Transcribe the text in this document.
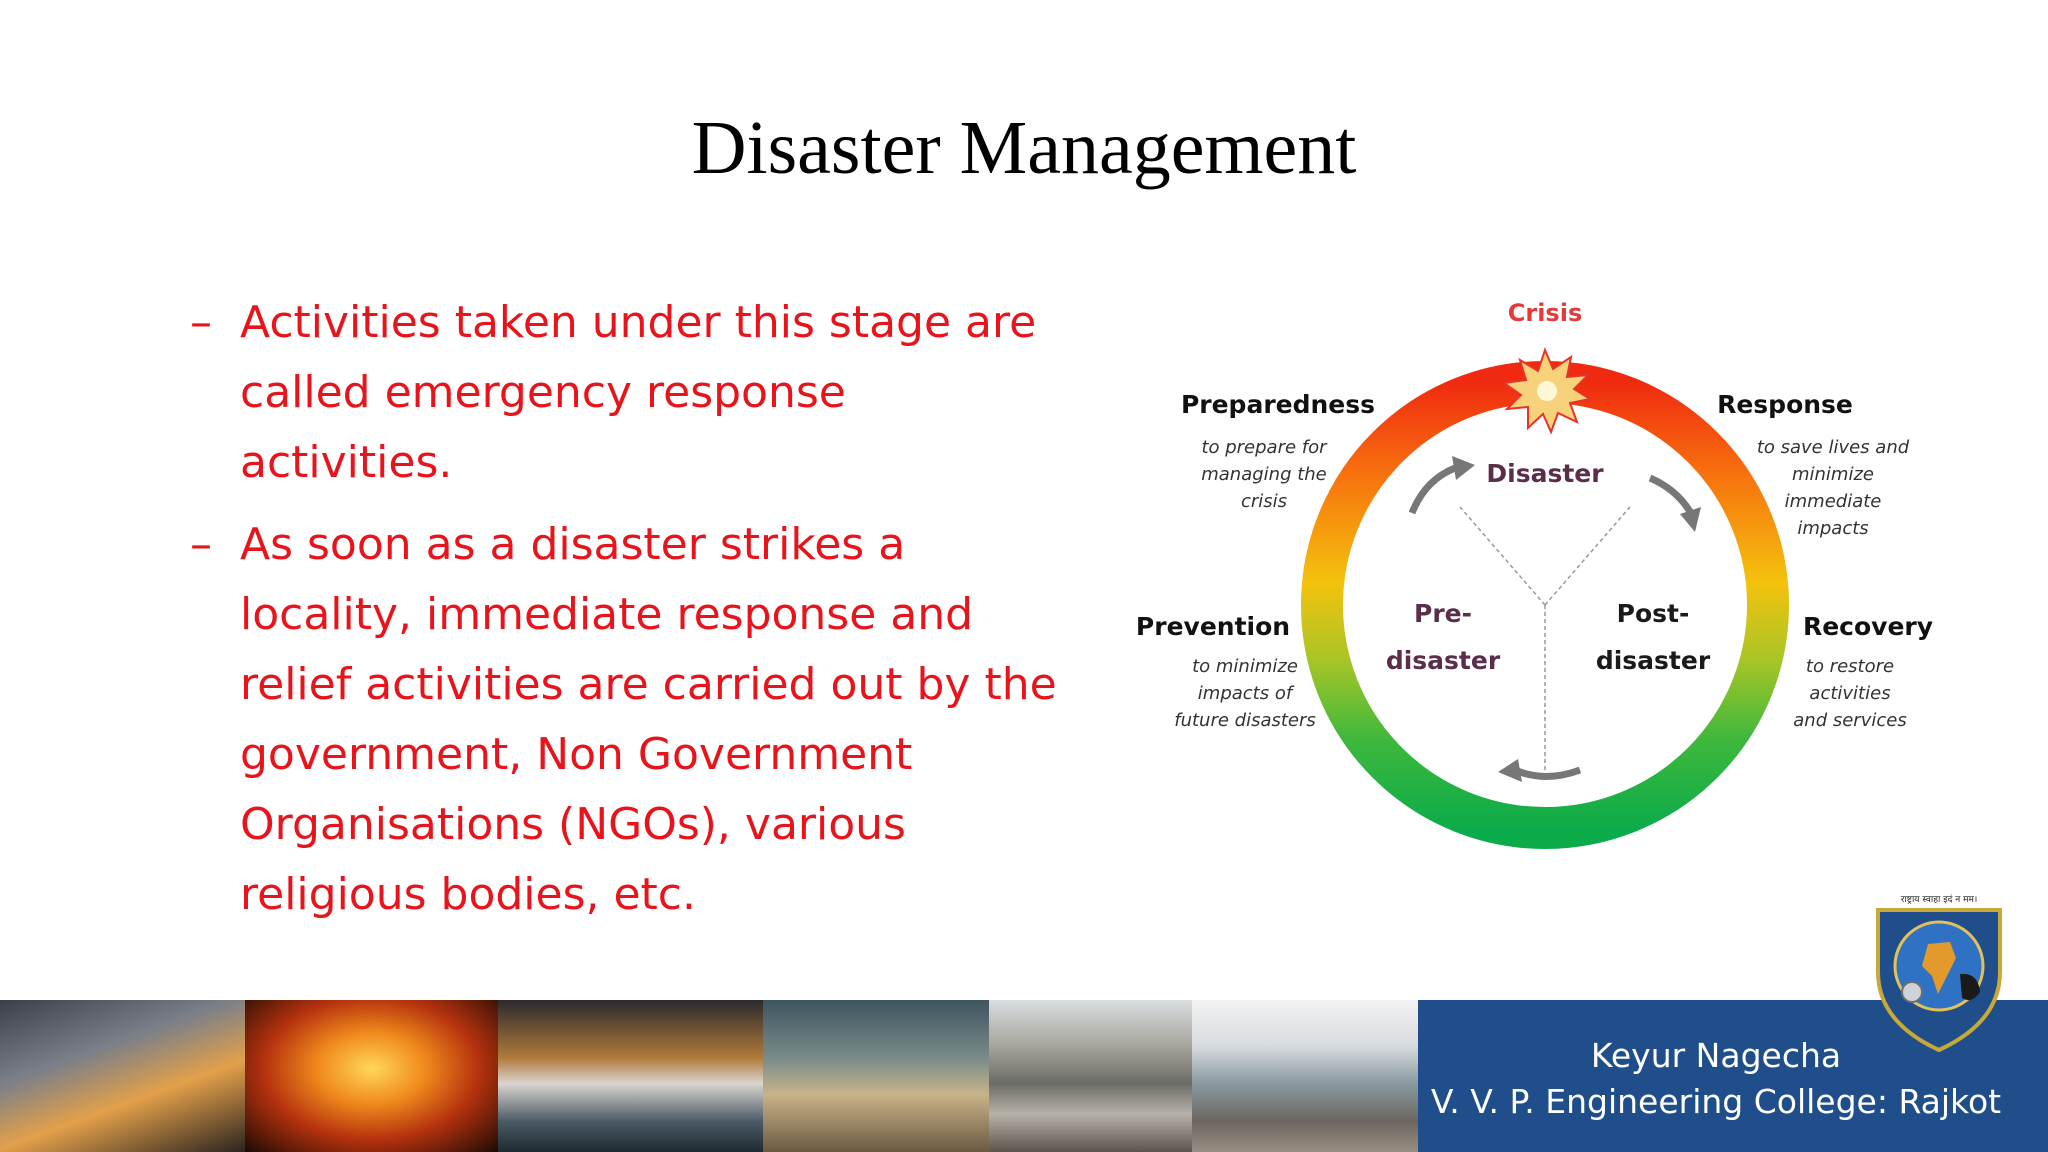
Disaster Management
– Activities taken under this stage are called emergency response activities.
– As soon as a disaster strikes a locality, immediate response and relief activities are carried out by the government, Non Government Organisations (NGOs), various religious bodies, etc.
Crisis
Disaster
Pre-
disaster
Post-
disaster
Preparedness
to prepare for
managing the
crisis
Response
to save lives and
minimize
immediate
impacts
Prevention
to minimize
impacts of
future disasters
Recovery
to restore
activities
and services
Keyur Nagecha
V. V. P. Engineering College: Rajkot
राष्ट्राय स्वाहा इदं न मम।
